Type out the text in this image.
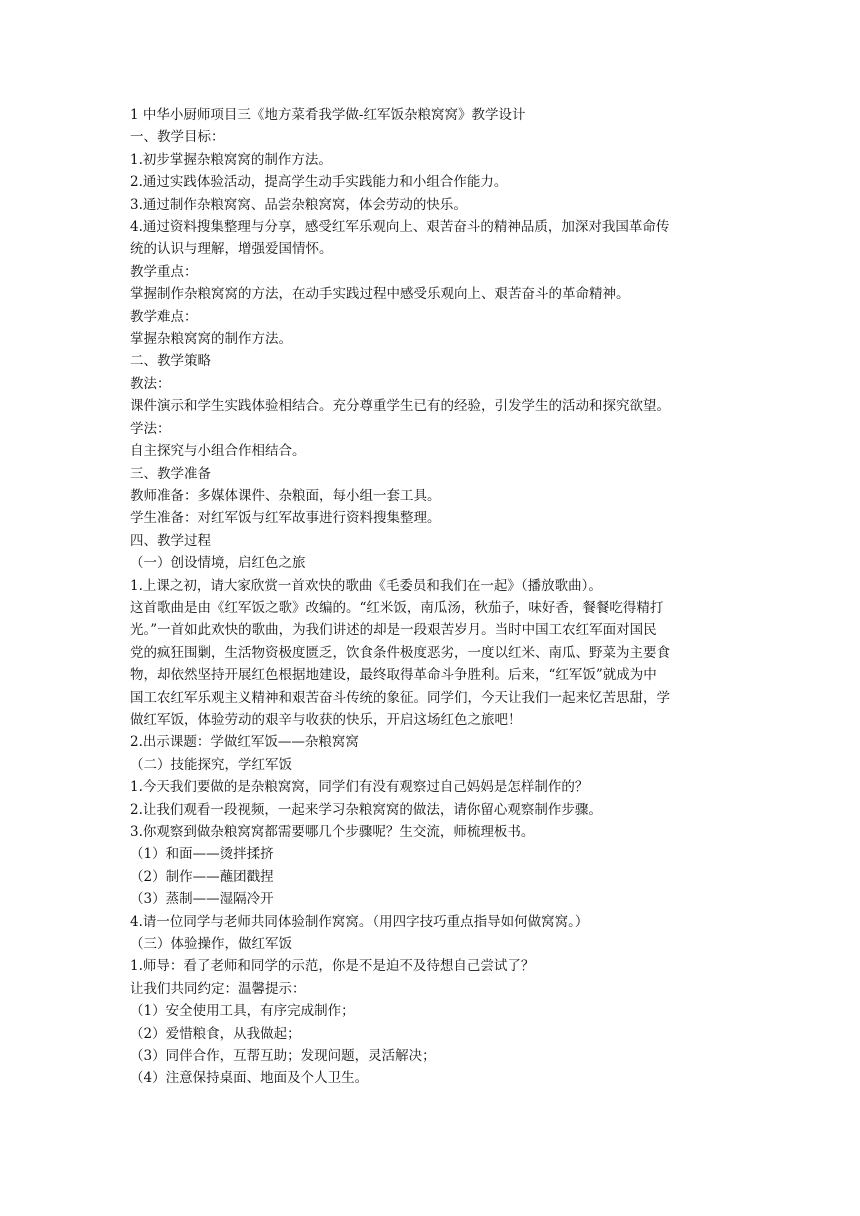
1 中华小厨师项目三《地方菜肴我学做-红军饭杂粮窝窝》教学设计

一、教学目标：

1.初步掌握杂粮窝窝的制作方法。

2.通过实践体验活动，提高学生动手实践能力和小组合作能力。

3.通过制作杂粮窝窝、品尝杂粮窝窝，体会劳动的快乐。

4.通过资料搜集整理与分享，感受红军乐观向上、艰苦奋斗的精神品质，加深对我国革命传

统的认识与理解，增强爱国情怀。

教学重点：

掌握制作杂粮窝窝的方法，在动手实践过程中感受乐观向上、艰苦奋斗的革命精神。

教学难点：

掌握杂粮窝窝的制作方法。

二、教学策略

教法：

课件演示和学生实践体验相结合。充分尊重学生已有的经验，引发学生的活动和探究欲望。

学法：

自主探究与小组合作相结合。

三、教学准备

教师准备：多媒体课件、杂粮面，每小组一套工具。

学生准备：对红军饭与红军故事进行资料搜集整理。

四、教学过程

（一）创设情境，启红色之旅

1.上课之初，请大家欣赏一首欢快的歌曲《毛委员和我们在一起》（播放歌曲）。

这首歌曲是由《红军饭之歌》改编的。“红米饭，南瓜汤，秋茄子，味好香，餐餐吃得精打

光。”一首如此欢快的歌曲，为我们讲述的却是一段艰苦岁月。当时中国工农红军面对国民

党的疯狂围剿，生活物资极度匮乏，饮食条件极度恶劣，一度以红米、南瓜、野菜为主要食

物，却依然坚持开展红色根据地建设，最终取得革命斗争胜利。后来，“红军饭”就成为中

国工农红军乐观主义精神和艰苦奋斗传统的象征。同学们，今天让我们一起来忆苦思甜，学

做红军饭，体验劳动的艰辛与收获的快乐，开启这场红色之旅吧！

2.出示课题：学做红军饭——杂粮窝窝

（二）技能探究，学红军饭

1.今天我们要做的是杂粮窝窝，同学们有没有观察过自己妈妈是怎样制作的？

2.让我们观看一段视频，一起来学习杂粮窝窝的做法，请你留心观察制作步骤。

3.你观察到做杂粮窝窝都需要哪几个步骤呢？生交流，师梳理板书。

（1）和面——烫拌揉挤

（2）制作——蘸团戳捏

（3）蒸制——湿隔冷开

4.请一位同学与老师共同体验制作窝窝。（用四字技巧重点指导如何做窝窝。）

（三）体验操作，做红军饭

1.师导：看了老师和同学的示范，你是不是迫不及待想自己尝试了？

让我们共同约定：温馨提示：

（1）安全使用工具，有序完成制作；

（2）爱惜粮食，从我做起；

（3）同伴合作，互帮互助；发现问题，灵活解决；

（4）注意保持桌面、地面及个人卫生。
